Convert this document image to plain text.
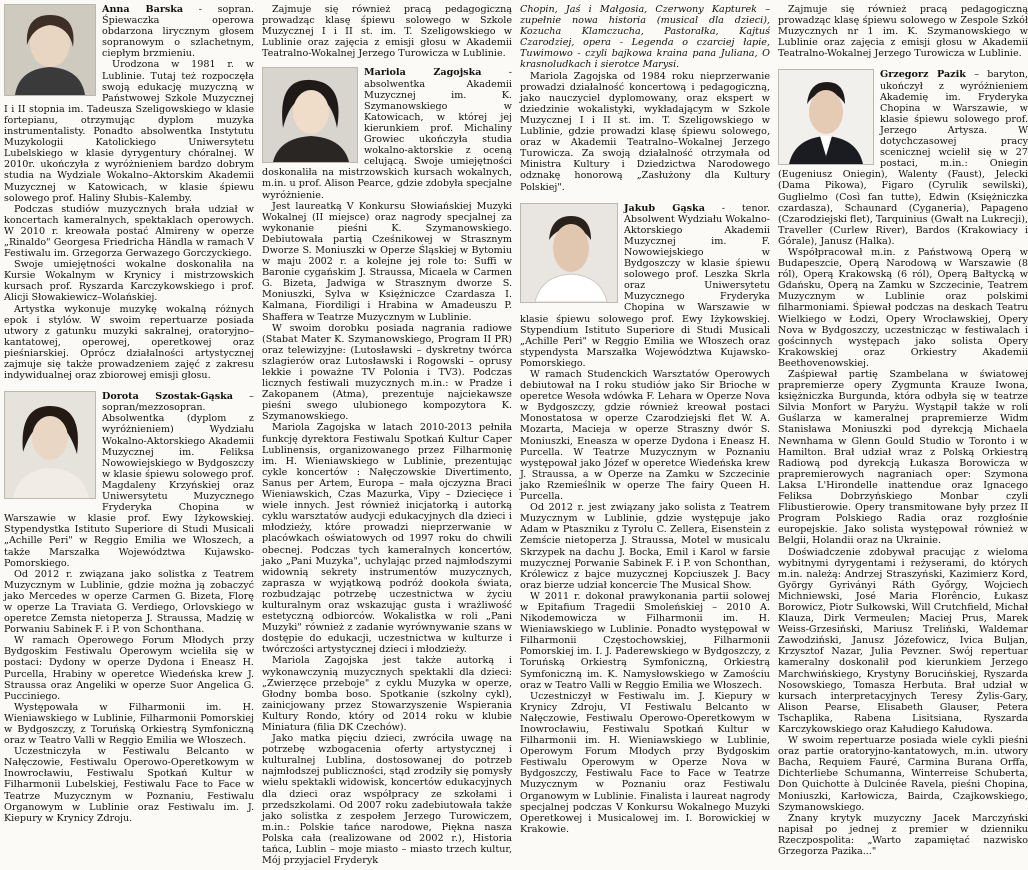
Anna Barska - sopran. Śpiewaczka operowa obdarzona lirycznym głosem sopranowym o szlachetnym, ciepłym brzmieniu.

Urodzona w 1981 r. w Lublinie. Tutaj też rozpoczęła swoją edukację muzyczną w Państwowej Szkole Muzycznej I i II stopnia im. Tadeusza Szeligowskiego w klasie fortepianu, otrzymując dyplom muzyka instrumentalisty. Ponadto absolwentka Instytutu Muzykologii Katolickiego Uniwersytetu Lubelskiego w klasie dyrygentury chóralnej. W 2010r. ukończyła z wyróżnieniem bardzo dobrym studia na Wydziale Wokalno–Aktorskim Akademii Muzycznej w Katowicach, w klasie śpiewu solowego prof. Haliny Słubis–Kalemby.

Podczas studiów muzycznych brała udział w koncertach kameralnych, spektaklach operowych. W 2010 r. kreowała postać Almireny w operze „Rinaldo" Georgesa Friedricha Händla w ramach V Festiwalu im. Grzegorza Gerwazego Gorczyckiego.

Swoje umiejętności wokalne doskonaliła na Kursie Wokalnym w Krynicy i mistrzowskich kursach prof. Ryszarda Karczykowskiego i prof. Alicji Słowakiewicz–Wolańskiej.

Artystka wykonuje muzykę wokalną różnych epok i stylów. W swoim repertuarze posiada utwory z gatunku muzyki sakralnej, oratoryjno–kantatowej, operowej, operetkowej oraz pieśniarskiej. Oprócz działalności artystycznej zajmuje się także prowadzeniem zajęć z zakresu indywidualnej oraz zbiorowej emisji głosu.

Dorota Szostak-Gąska – sopran/mezzosopran. Absolwentka (dyplom z wyróżnieniem) Wydziału Wokalno-Aktorskiego Akademii Muzycznej im. Feliksa Nowowiejskiego w Bydgoszczy w klasie śpiewu solowego prof. Magdaleny Krzyńskiej oraz Uniwersytetu Muzycznego Fryderyka Chopina w Warszawie w klasie prof. Ewy Iżykowskiej. Stypendystka Istituto Superiore di Studi Musicali „Achille Peri" w Reggio Emilia we Włoszech, a także Marszałka Województwa Kujawsko-Pomorskiego.

Od 2012 r. związana jako solistka z Teatrem Muzycznym w Lublinie, gdzie można ją zobaczyć jako Mercedes w operze Carmen G. Bizeta, Florę w operze La Traviata G. Verdiego, Orlovskiego w operetce Zemsta nietoperza J. Straussa, Madzię w Porwaniu Sabinek F. i P. von Schonthana.

W ramach Operowego Forum Młodych przy Bydgoskim Festiwalu Operowym wcieliła się w postaci: Dydony w operze Dydona i Eneasz H. Purcella, Hrabiny w operetce Wiedeńska krew J. Straussa oraz Angeliki w operze Suor Angelica G. Pucciniego.

Występowała w Filharmonii im. H. Wieniawskiego w Lublinie, Filharmonii Pomorskiej w Bydgoszczy, z Toruńską Orkiestrą Symfoniczną oraz w Teatro Valli w Reggio Emilia we Włoszech.

Uczestniczyła w Festiwalu Belcanto w Nałęczowie, Festiwalu Operowo-Operetkowym w Inowrocławiu, Festiwalu Spotkań Kultur w Filharmonii Lubelskiej, Festiwalu Face to Face w Teatrze Muzycznym w Poznaniu, Festiwalu Organowym w Lublinie oraz Festiwalu im. J. Kiepury w Krynicy Zdroju.

Zajmuje się również pracą pedagogiczną prowadząc klasę śpiewu solowego w Szkole Muzycznej I i II st. im. T. Szeligowskiego w Lublinie oraz zajęcia z emisji głosu w Akademii Teatralno-Wokalnej Jerzego Turowicza w Lublinie.

Mariola Zagojska - absolwentka Akademii Muzycznej im. K. Szymanowskiego w Katowicach, w której jej kierunkiem prof. Michaliny Growiec ukończyła studia wokalno-aktorskie z oceną celującą. Swoje umiejętności doskonaliła na mistrzowskich kursach wokalnych, m.in. u prof. Alison Pearce, gdzie zdobyła specjalne wyróżnienie.

Jest laureatką V Konkursu Słowiańskiej Muzyki Wokalnej (II miejsce) oraz nagrody specjalnej za wykonanie pieśni K. Szymanowskiego. Debiutowała partią Cześnikowej w Strasznym Dworze S. Moniuszki w Operze Śląskiej w Bytomiu w maju 2002 r. a kolejne jej role to: Suffi w Baronie cygańskim J. Straussa, Micaela w Carmen G. Bizeta, Jadwiga w Strasznym dworze S. Moniuszki, Sylva w Księżniczce Czardasza I. Kalmana, Fiordiligi i Hrabina w Amadeuszu P. Shaffera w Teatrze Muzycznym w Lublinie.

W swoim dorobku posiada nagrania radiowe (Stabat Mater K. Szymanowskiego, Program II PR) oraz telewizyjne: (Lutosławski – dyskretny twórca szlagierów oraz Lutosławski i Rogowski – oprusy lekkie i poważne TV Polonia i TV3). Podczas licznych festiwali muzycznych m.in.: w Pradze i Zakopanem (Atma), prezentuje najciekawsze pieśni swego ulubionego kompozytora K. Szymanowskiego.

Mariola Zagojska w latach 2010-2013 pełniła funkcję dyrektora Festiwalu Spotkań Kultur Caper Lublinensis, organizowanego przez Filharmonię im. H. Wieniawskiego w Lublinie, prezentując cykle koncertów : Nałęczowskie Divertimento, Sanus per Artem, Europa – mała ojczyzna Braci Wieniawskich, Czas Mazurka, Vipy – Dziecięce i wiele innych. Jest również inicjatorką i autorką cyklu warsztatów audycji edukacyjnych dla dzieci i młodzieży, które prowadzi nieprzerwanie w placówkach oświatowych od 1997 roku do chwili obecnej. Podczas tych kameralnych koncertów, jako „Pani Muzyka", uchylając przed najmłodszymi widownią sekrety instrumentów muzycznych, zaprasza w wyjątkową podróż dookoła świata, rozbudzając potrzebę uczestnictwa w życiu kulturalnym oraz wskazując gusta i wrażliwość estetyczną odbiorców. Wokalistka w roli „Pani Muzyki" również z zadanie wyrównywanie szans w dostępie do edukacji, uczestnictwa w kulturze i twórczości artystycznej dzieci i młodzieży.

Mariola Zagojska jest także autorką i wykonawczynią muzycznych spektakli dla dzieci: „Zwierzęce przeboje" z cyklu Muzyka w operze, Głodny bomba boso. Spotkanie (szkolny cykl), zainicjowany przez Stowarzyszenie Wspierania Kultury Rondo, który od 2014 roku w klubie Miniatura (filia DK Czechów).

Jako matka pięciu dzieci, zwróciła uwagę na potrzebę wzbogacenia oferty artystycznej i kulturalnej Lublina, dostosowanej do potrzeb najmłodszej publiczności, stąd zrodziły się pomysły wielu spektakli widowisk, koncertów edukacyjnych dla dzieci oraz współpracy ze szkołami i przedszkolami. Od 2007 roku zadebiutowała także jako solistka z zespołem Jerzego Turowiczem, m.in.: Polskie tańce narodowe, Piękna nasza Polska cała (realizowane od 2002 r.), Historia tańca, Lublin – moje miasto – miasto trzech kultur, Mój przyjaciel Fryderyk

Chopin, Jaś i Małgosia, Czerwony Kapturek – zupełnie nowa historia (musical dla dzieci), Kozucha Klamczucha, Pastorałka, Kajtuś Czarodziej, opera - Legenda o czarciej łapie, Tuwimowo - czyli bajkowa kraina pana Juliana, O krasnoludkach i sierotce Marysi.

Mariola Zagojska od 1984 roku nieprzerwanie prowadzi działalność koncertową i pedagogiczną, jako nauczyciel dyplomowany, oraz ekspert w dziedzinie wokalistyki, wykładającym w Szkole Muzycznej I i II st. im. T. Szeligowskiego w Lublinie, gdzie prowadzi klasę śpiewu solowego, oraz w Akademii Teatralno–Wokalnej Jerzego Turowicza. Za swoją działalność otrzymała od Ministra Kultury i Dziedzictwa Narodowego odznakę honorową „Zasłużony dla Kultury Polskiej".

Jakub Gąska - tenor. Absolwent Wydziału Wokalno-Aktorskiego Akademii Muzycznej im. F. Nowowiejskiego w Bydgoszczy w klasie śpiewu solowego prof. Leszka Skrla oraz Uniwersytetu Muzycznego Fryderyka Chopina w Warszawie w klasie śpiewu solowego prof. Ewy Iżykowskiej. Stypendium Istituto Superiore di Studi Musicali „Achille Peri" w Reggio Emilia we Włoszech oraz stypendysta Marszałka Województwa Kujawsko-Pomorskiego.

W ramach Studenckich Warsztatów Operowych debiutował na I roku studiów jako Sir Brioche w operetce Wesoła wdówka F. Lehara w Operze Nova w Bydgoszczy, gdzie również kreował postaci Monostatosa w operze Czarodziejski flet W. A. Mozarta, Macieja w operze Straszny dwór S. Moniuszki, Eneasza w operze Dydona i Eneasz H. Purcella. W Teatrze Muzycznym w Poznaniu występował jako Józef w operetce Wiedeńska krew J. Straussa, a w Operze na Zamku w Szczecinie jako Rzemieślnik w operze The fairy Queen H. Purcella.

Od 2012 r. jest związany jako solista z Teatrem Muzycznym w Lublinie, gdzie występuje jako Adam w Ptaszniku z Tyrolu C. Zellera, Eisenstein z Zemście nietoperza J. Straussa, Motel w musicalu Skrzypek na dachu J. Bocka, Emil i Karol w farsie muzycznej Porwanie Sabinek F. i P. von Schonthan, Królewicz z bajce muzycznej Kopciuszek J. Bacy oraz bierze udział koncercie The Musical Show.

W 2011 r. dokonał prawykonania partii solowej w Epitafium Tragedii Smoleńskiej – 2010 A. Nikodemowicza w Filharmonii im. H. Wieniawskiego w Lublinie. Ponadto występował w Filharmonii Częstochowskiej, Filharmonii Pomorskiej im. I. J. Paderewskiego w Bydgoszczy, z Toruńską Orkiestrą Symfoniczną, Orkiestrą Symfoniczną im. K. Namysłowskiego w Zamościu oraz w Teatro Valli w Reggio Emilia we Włoszech.

Uczestniczył w Festiwalu im. J. Kiepury w Krynicy Zdroju, VI Festiwalu Belcanto w Nałęczowie, Festiwalu Operowo-Operetkowym w Inowrocławiu, Festiwalu Spotkań Kultur w Filharmonii im. H. Wieniawskiego w Lublinie, Operowym Forum Młodych przy Bydgoskim Festiwalu Operowym w Operze Nova w Bydgoszczy, Festiwalu Face to Face w Teatrze Muzycznym w Poznaniu oraz Festiwalu Organowym w Lublinie. Finalista i laureat nagrody specjalnej podczas V Konkursu Wokalnego Muzyki Operetkowej i Musicalowej im. I. Borowickiej w Krakowie.

Zajmuje się również pracą pedagogiczną prowadząc klasę śpiewu solowego w Zespole Szkół Muzycznych nr 1 im. K. Szymanowskiego w Lublinie oraz zajęcia z emisji głosu w Akademii Teatralno-Wokalnej Jerzego Turowicza w Lublinie.

Grzegorz Pazik – baryton, ukończył z wyróżnieniem Akademię im. Fryderyka Chopina w Warszawie, w klasie śpiewu solowego prof. Jerzego Artysza. W dotychczasowej pracy scenicznej wcielił się w 27 postaci, m.in.: Oniegin (Eugeniusz Oniegin), Walenty (Faust), Jelecki (Dama Pikowa), Figaro (Cyrulik sewilski), Guglielmo (Così fan tutte), Edwin (Księżniczka czardasza), Schaunard (Cyganeria), Papageno (Czarodziejski flet), Tarquinius (Gwałt na Lukrecji), Traveller (Curlew River), Bardos (Krakowiacy i Górale), Janusz (Halka).

Współpracował m.in. z Państwową Operą w Budapeszcie, Operą Narodową w Warszawie (8 ról), Operą Krakowską (6 ról), Operą Bałtycką w Gdańsku, Operą na Zamku w Szczecinie, Teatrem Muzycznym w Lublinie oraz polskimi filharmoniami. Śpiewał podczas na deskach Teatru Wielkiego w Łodzi, Opery Wrocławskiej, Opery Nova w Bydgoszczy, uczestnicząc w festiwalach i gościnnych występach jako solista Opery Krakowskiej oraz Orkiestry Akademii Beethovenowskiej.

Zaśpiewał partię Szambelana w światowej prapremierze opery Zygmunta Krauze Iwona, księżniczka Burgunda, która odbyła się w teatrze Silvia Monfort w Paryżu. Wystąpił także w roli Guślarza w kameralnej prapremierze Widm Stanisława Moniuszki pod dyrekcją Michaela Newnhama w Glenn Gould Studio w Toronto i w Hamilton. Brał udział wraz z Polską Orkiestrą Radiową pod dyrekcją Łukasza Borowicza w prapremierowych nagraniach oper: Szymona Laksa L'Hirondelle inattendue oraz Ignacego Feliksa Dobrzyńskiego Monbar czyli Flibustierowie. Opery transmitowane były przez II Program Polskiego Radia oraz rozgłośnie europejskie. Jako solista występował również w Belgii, Holandii oraz na Ukrainie.

Doświadczenie zdobywał pracując z wieloma wybitnymi dyrygentami i reżyserami, do których m.in. należą: Andrzej Straszyński, Kazimierz Kord, György Gyriványi Ráth Győrgy, Wojciech Michniewski, José Maria Florêncio, Łukasz Borowicz, Piotr Sułkowski, Will Crutchfield, Michał Klauza, Dirk Vermeulen; Maciej Prus, Marek Weiss-Grzesiński, Mariusz Treliński, Waldemar Zawodziński, Janusz Józefowicz, Ivica Buljan, Krzysztof Nazar, Julia Pevzner. Swój repertuar kameralny doskonalił pod kierunkiem Jerzego Marchwińskiego, Krystyny Borucińskiej, Ryszarda Nosowskiego, Tomasza Herbuta. Brał udział w kursach interpretacyjnych Teresy Żylis-Gary, Alison Pearse, Elisabeth Glauser, Petera Tschaplika, Rabena Lisitsiana, Ryszarda Karczykowskiego oraz Kałudiego Kałudowa.

W swoim repertuarze posiada wiele cykli pieśni oraz partie oratoryjno-kantatowych, m.in. utwory Bacha, Requiem Fauré, Carmina Burana Orffa, Dichterliebe Schumanna, Winterreise Schuberta, Don Quichotte à Dulcinée Ravela, pieśni Chopina, Moniuszki, Karłowicza, Bairda, Czajkowskiego, Szymanowskiego.

Znany krytyk muzyczny Jacek Marczyński napisał po jednej z premier w dzienniku Rzeczpospolita: „Warto zapamiętać nazwisko Grzegorza Pazika..."
